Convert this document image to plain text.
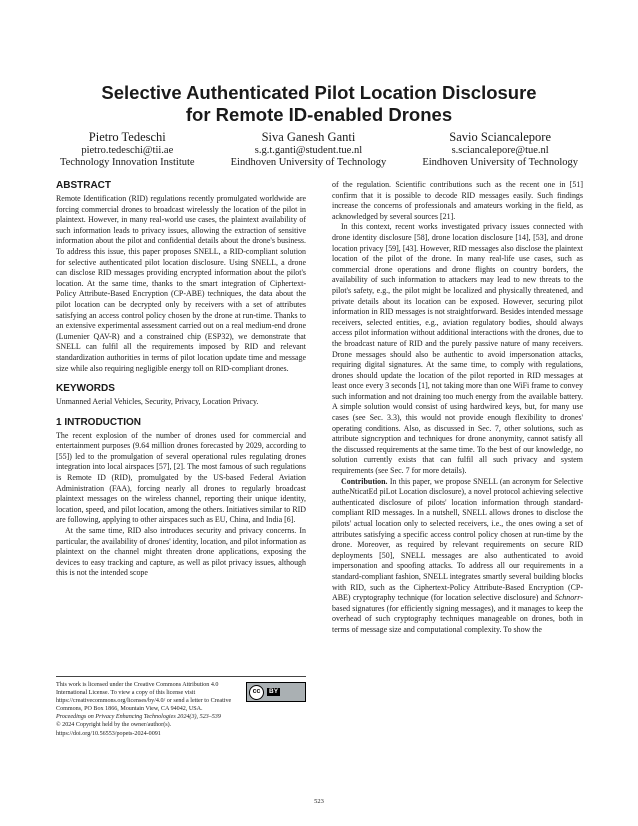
Selective Authenticated Pilot Location Disclosure
for Remote ID-enabled Drones
Pietro Tedeschi
pietro.tedeschi@tii.ae
Technology Innovation Institute
Siva Ganesh Ganti
s.g.t.ganti@student.tue.nl
Eindhoven University of Technology
Savio Sciancalepore
s.sciancalepore@tue.nl
Eindhoven University of Technology
ABSTRACT

Remote Identification (RID) regulations recently promulgated worldwide are forcing commercial drones to broadcast wirelessly the location of the pilot in plaintext. However, in many real-world use cases, the plaintext availability of such information leads to privacy issues, allowing the extraction of sensitive information about the pilot and confidential details about the drone's business. To address this issue, this paper proposes SNELL, a RID-compliant solution for selective authenticated pilot location disclosure. Using SNELL, a drone can disclose RID messages providing encrypted information about the pilot's location. At the same time, thanks to the smart integration of Ciphertext-Policy Attribute-Based Encryption (CP-ABE) techniques, the data about the pilot location can be decrypted only by receivers with a set of attributes satisfying an access control policy chosen by the drone at run-time. Thanks to an extensive experimental assessment carried out on a real medium-end drone (Lumenier QAV-R) and a constrained chip (ESP32), we demonstrate that SNELL can fulfil all the requirements imposed by RID and relevant standardization authorities in terms of pilot location update time and message size while also requiring negligible energy toll on RID-compliant drones.

KEYWORDS

Unmanned Aerial Vehicles, Security, Privacy, Location Privacy.

1 INTRODUCTION

The recent explosion of the number of drones used for commercial and entertainment purposes (9.64 million drones forecasted by 2029, according to [55]) led to the promulgation of several operational rules regulating drones integration into local airspaces [57], [2]. The most famous of such regulations is Remote ID (RID), promulgated by the US-based Federal Aviation Administration (FAA), forcing nearly all drones to regularly broadcast plaintext messages on the wireless channel, reporting their unique identity, location, speed, and pilot location, among the others. Initiatives similar to RID are following, applying to other airspaces such as EU, China, and India [6].

At the same time, RID also introduces security and privacy concerns. In particular, the availability of drones' identity, location, and pilot information as plaintext on the channel might threaten drone applications, exposing the devices to easy tracking and capture, as well as pilot privacy issues, although this is not the intended scope

of the regulation. Scientific contributions such as the recent one in [51] confirm that it is possible to decode RID messages easily. Such findings increase the concerns of professionals and amateurs working in the field, as acknowledged by several sources [21].

In this context, recent works investigated privacy issues connected with drone identity disclosure [58], drone location disclosure [14], [53], and drone location privacy [59], [43]. However, RID messages also disclose the plaintext location of the pilot of the drone. In many real-life use cases, such as commercial drone operations and drone flights on country borders, the availability of such information to attackers may lead to new threats to the pilot's safety, e.g., the pilot might be localized and physically threatened, and private details about its location can be exposed. However, securing pilot information in RID messages is not straightforward. Besides intended message receivers, selected entities, e.g., aviation regulatory bodies, should always access pilot information without additional interactions with the drones, due to the broadcast nature of RID and the purely passive nature of many receivers. Drone messages should also be authentic to avoid impersonation attacks, requiring digital signatures. At the same time, to comply with regulations, drones should update the location of the pilot reported in RID messages at least once every 3 seconds [1], not taking more than one WiFi frame to convey such information and not draining too much energy from the available battery. A simple solution would consist of using hardwired keys, but, for many use cases (see Sec. 3.3), this would not provide enough flexibility to drones' operating conditions. Also, as discussed in Sec. 7, other solutions, such as attribute signcryption and techniques for drone anonymity, cannot satisfy all the discussed requirements at the same time. To the best of our knowledge, no solution currently exists that can fulfil all such privacy and system requirements (see Sec. 7 for more details).

Contribution. In this paper, we propose SNELL (an acronym for Selective autheNticatEd piLot Location disclosure), a novel protocol achieving selective authenticated disclosure of pilots' location information through standard-compliant RID messages. In a nutshell, SNELL allows drones to disclose the pilots' actual location only to selected receivers, i.e., the ones owing a set of attributes satisfying a specific access control policy chosen at run-time by the drone. Moreover, as required by relevant requirements on secure RID deployments [50], SNELL messages are also authenticated to avoid impersonation and spoofing attacks. To address all our requirements in a standard-compliant fashion, SNELL integrates smartly several building blocks with RID, such as the Ciphertext-Policy Attribute-Based Encryption (CP-ABE) cryptography technique (for location selective disclosure) and Schnorr-based signatures (for efficiently signing messages), and it manages to keep the overhead of such cryptography techniques manageable on drones, both in terms of message size and computational complexity. To show the

This work is licensed under the Creative Commons Attribution 4.0 International License. To view a copy of this license visit https://creativecommons.org/licenses/by/4.0/ or send a letter to Creative Commons, PO Box 1866, Mountain View, CA 94042, USA.
cc	BY
Proceedings on Privacy Enhancing Technologies 2024(3), 523–539
© 2024 Copyright held by the owner/author(s).
https://doi.org/10.56553/popets-2024-0091
523
